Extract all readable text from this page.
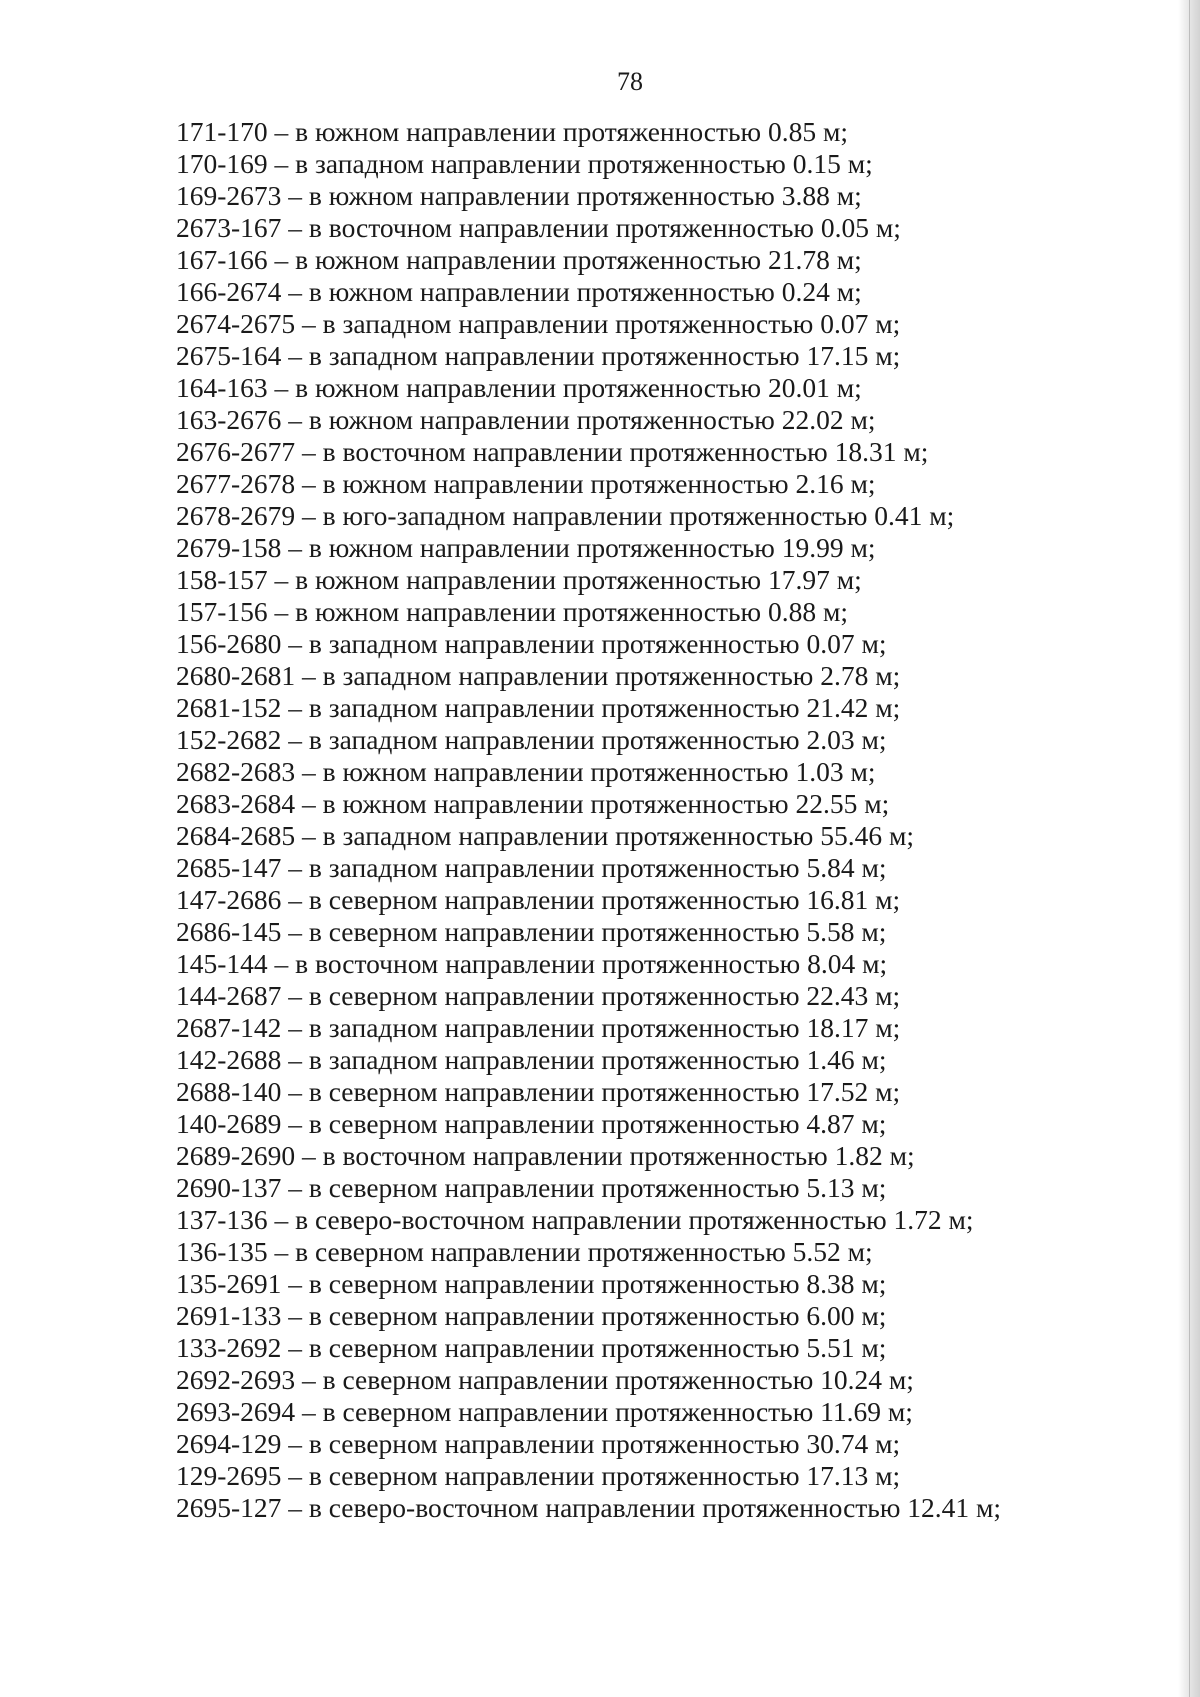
78
171-170 – в южном направлении протяженностью 0.85 м;
170-169 – в западном направлении протяженностью 0.15 м;
169-2673 – в южном направлении протяженностью 3.88 м;
2673-167 – в восточном направлении протяженностью 0.05 м;
167-166 – в южном направлении протяженностью 21.78 м;
166-2674 – в южном направлении протяженностью 0.24 м;
2674-2675 – в западном направлении протяженностью 0.07 м;
2675-164 – в западном направлении протяженностью 17.15 м;
164-163 – в южном направлении протяженностью 20.01 м;
163-2676 – в южном направлении протяженностью 22.02 м;
2676-2677 – в восточном направлении протяженностью 18.31 м;
2677-2678 – в южном направлении протяженностью 2.16 м;
2678-2679 – в юго-западном направлении протяженностью 0.41 м;
2679-158 – в южном направлении протяженностью 19.99 м;
158-157 – в южном направлении протяженностью 17.97 м;
157-156 – в южном направлении протяженностью 0.88 м;
156-2680 – в западном направлении протяженностью 0.07 м;
2680-2681 – в западном направлении протяженностью 2.78 м;
2681-152 – в западном направлении протяженностью 21.42 м;
152-2682 – в западном направлении протяженностью 2.03 м;
2682-2683 – в южном направлении протяженностью 1.03 м;
2683-2684 – в южном направлении протяженностью 22.55 м;
2684-2685 – в западном направлении протяженностью 55.46 м;
2685-147 – в западном направлении протяженностью 5.84 м;
147-2686 – в северном направлении протяженностью 16.81 м;
2686-145 – в северном направлении протяженностью 5.58 м;
145-144 – в восточном направлении протяженностью 8.04 м;
144-2687 – в северном направлении протяженностью 22.43 м;
2687-142 – в западном направлении протяженностью 18.17 м;
142-2688 – в западном направлении протяженностью 1.46 м;
2688-140 – в северном направлении протяженностью 17.52 м;
140-2689 – в северном направлении протяженностью 4.87 м;
2689-2690 – в восточном направлении протяженностью 1.82 м;
2690-137 – в северном направлении протяженностью 5.13 м;
137-136 – в северо-восточном направлении протяженностью 1.72 м;
136-135 – в северном направлении протяженностью 5.52 м;
135-2691 – в северном направлении протяженностью 8.38 м;
2691-133 – в северном направлении протяженностью 6.00 м;
133-2692 – в северном направлении протяженностью 5.51 м;
2692-2693 – в северном направлении протяженностью 10.24 м;
2693-2694 – в северном направлении протяженностью 11.69 м;
2694-129 – в северном направлении протяженностью 30.74 м;
129-2695 – в северном направлении протяженностью 17.13 м;
2695-127 – в северо-восточном направлении протяженностью 12.41 м;
